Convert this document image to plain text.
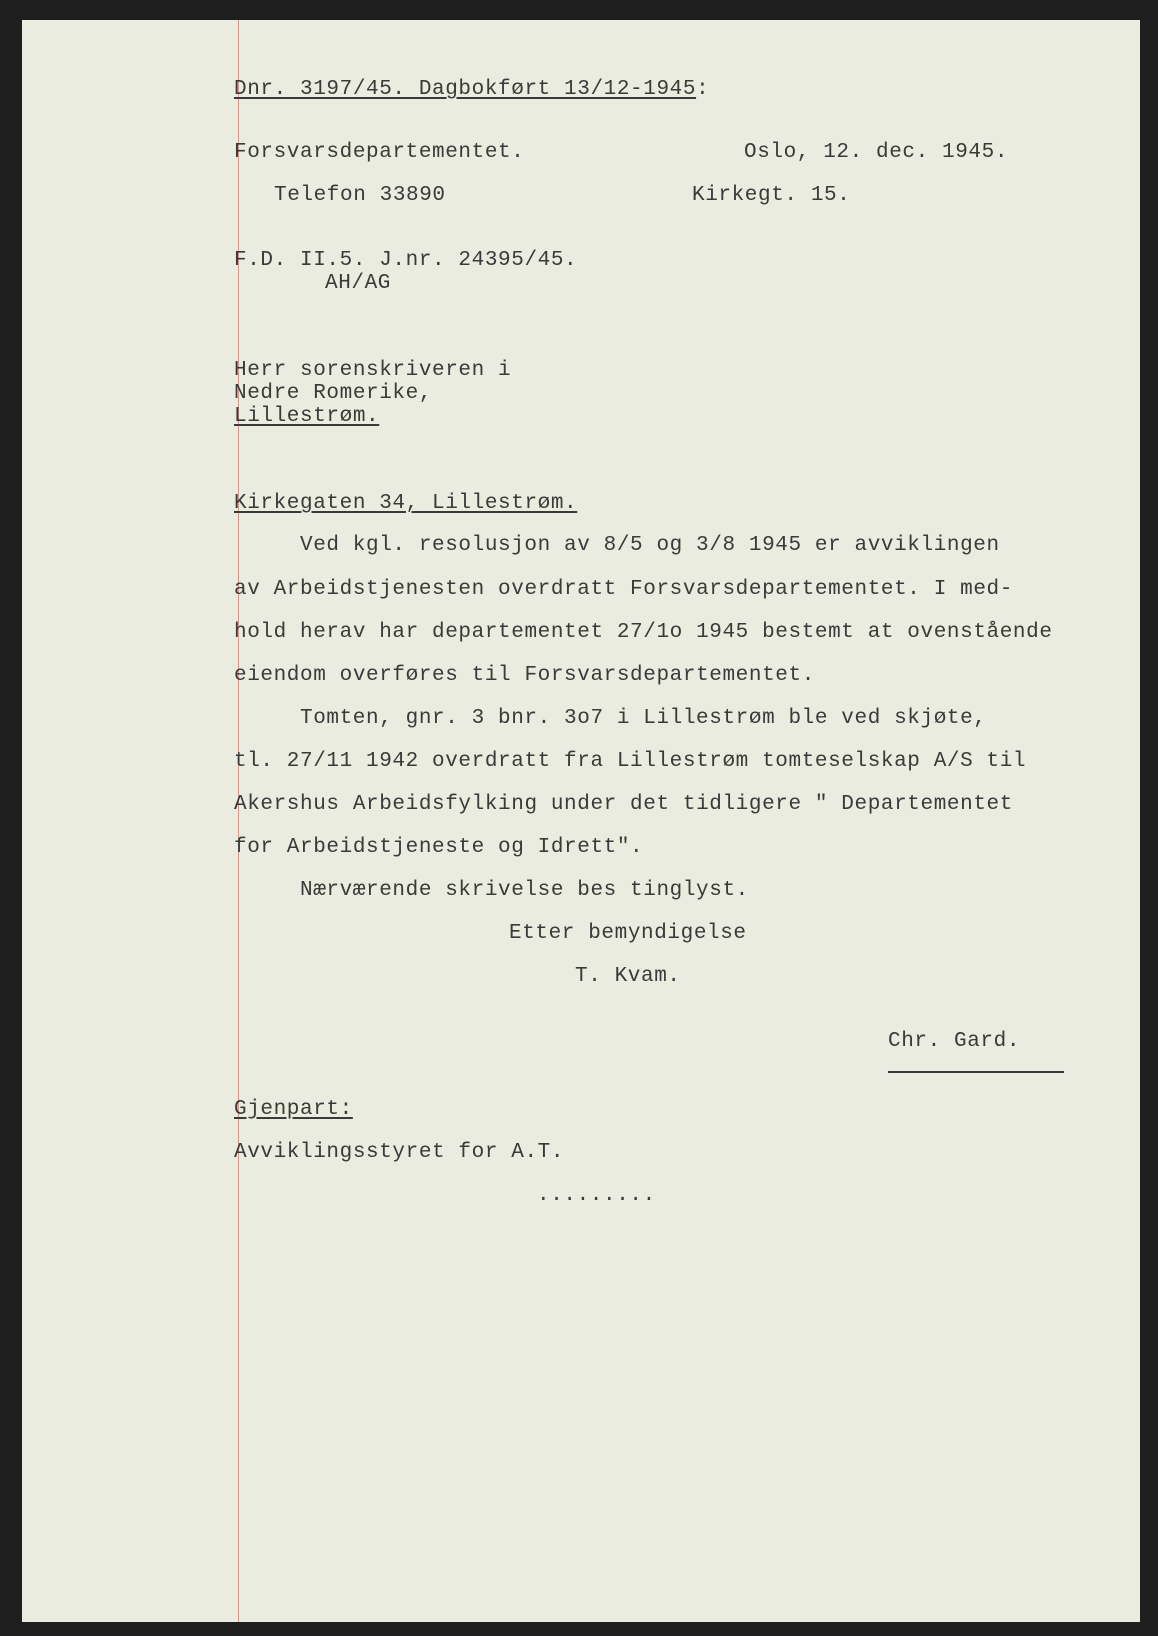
Dnr. 3197/45. Dagbokført 13/12-1945:
Forsvarsdepartementet.	Oslo, 12. dec. 1945.
Telefon 33890	Kirkegt. 15.
F.D. II.5. J.nr. 24395/45.
AH/AG
Herr sorenskriveren i
Nedre Romerike,
Lillestrøm.
Kirkegaten 34, Lillestrøm.
Ved kgl. resolusjon av 8/5 og 3/8 1945 er avviklingen
av Arbeidstjenesten overdratt Forsvarsdepartementet. I med-
hold herav har departementet 27/1o 1945 bestemt at ovenstående
eiendom overføres til Forsvarsdepartementet.
Tomten, gnr. 3 bnr. 3o7 i Lillestrøm ble ved skjøte,
tl. 27/11 1942 overdratt fra Lillestrøm tomteselskap A/S til
Akershus Arbeidsfylking under det tidligere " Departementet
for Arbeidstjeneste og Idrett".
Nærværende skrivelse bes tinglyst.
Etter bemyndigelse
T. Kvam.
Chr. Gard.
Gjenpart:
Avviklingsstyret for A.T.
.........
